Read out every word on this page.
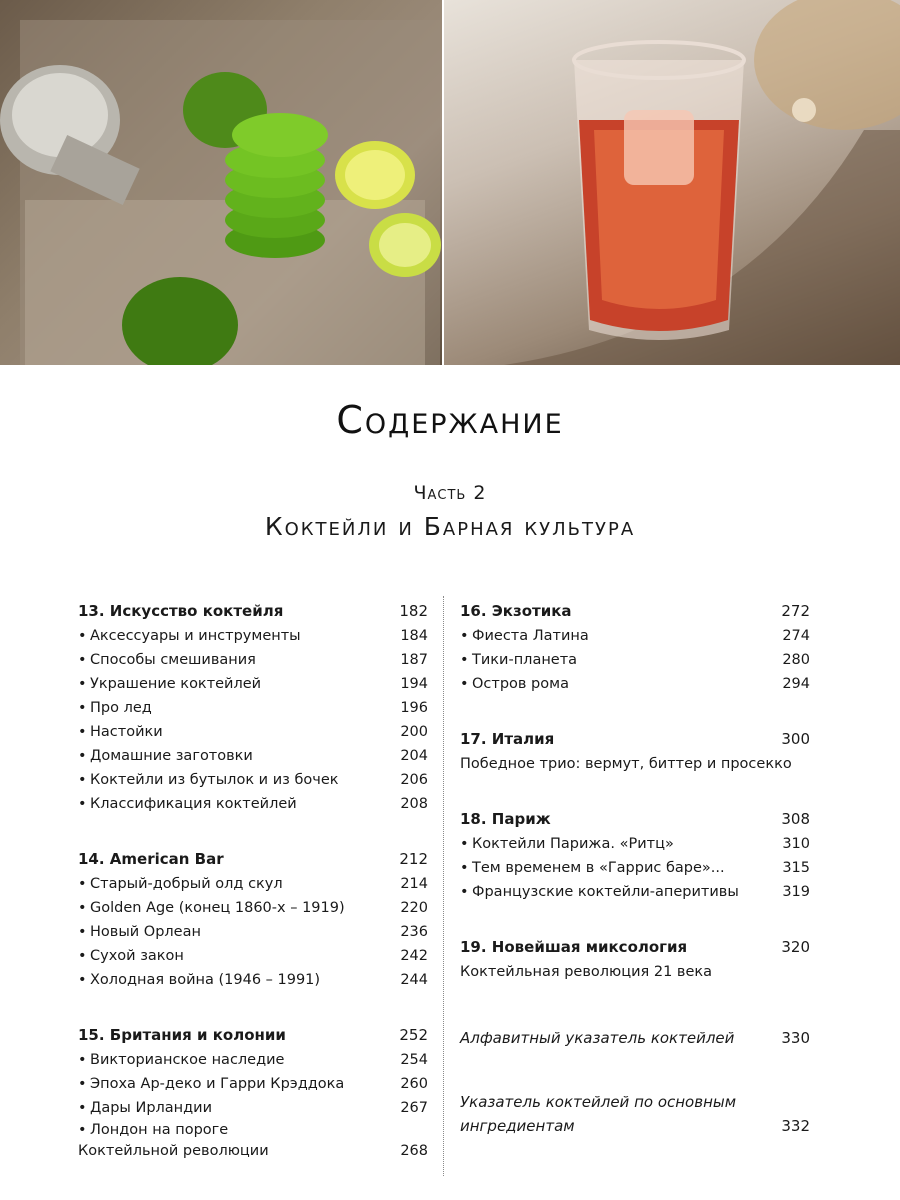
Содержание
Часть 2
Коктейли и Барная культура
13. Искусство коктейля	182
• Аксессуары и инструменты	184
• Способы смешивания	187
• Украшение коктейлей	194
• Про лед	196
• Настойки	200
• Домашние заготовки	204
• Коктейли из бутылок и из бочек	206
• Классификация коктейлей	208
14. American Bar	212
• Старый-добрый олд скул	214
• Golden Age (конец 1860-х – 1919)	220
• Новый Орлеан	236
• Сухой закон	242
• Холодная война (1946 – 1991)	244
15. Британия и колонии	252
• Викторианское наследие	254
• Эпоха Ар-деко и Гарри Крэддока	260
• Дары Ирландии	267
• Лондон на пороге Коктейльной революции	268
16. Экзотика	272
• Фиеста Латина	274
• Тики-планета	280
• Остров рома	294
17. Италия	300
Победное трио: вермут, биттер и просекко
18. Париж	308
• Коктейли Парижа. «Ритц»	310
• Тем временем в «Гаррис баре»...	315
• Французские коктейли-аперитивы	319
19. Новейшая миксология	320
Коктейльная революция 21 века
Алфавитный указатель коктейлей	330
Указатель коктейлей по основным ингредиентам	332
